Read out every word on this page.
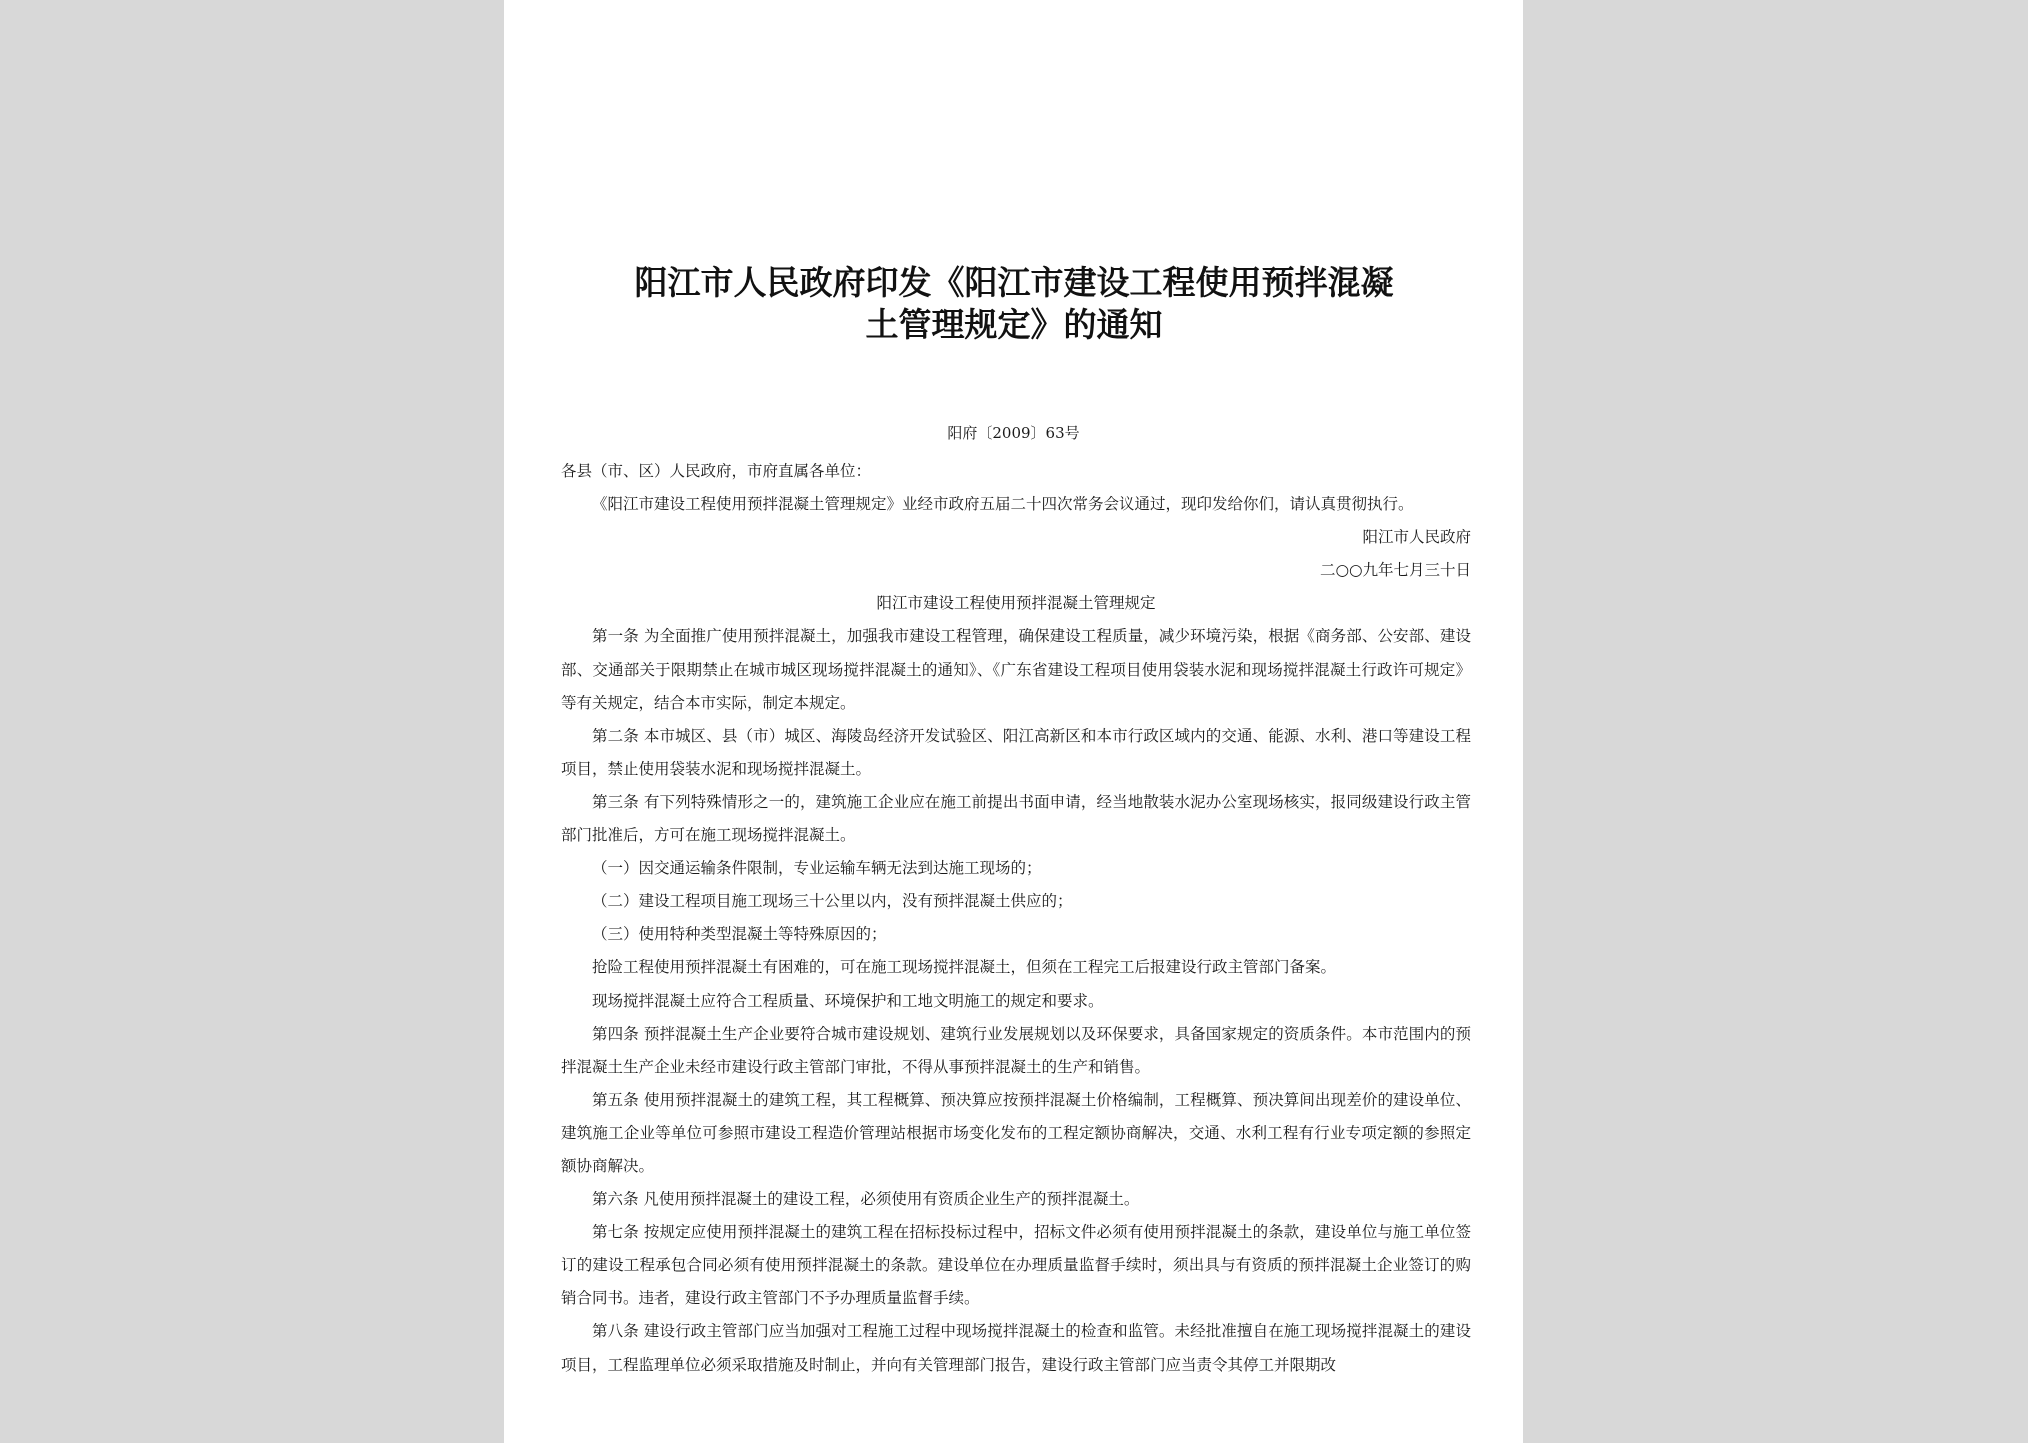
阳江市人民政府印发《阳江市建设工程使用预拌混凝
土管理规定》的通知
阳府〔2009〕63号

各县（市、区）人民政府，市府直属各单位：

《阳江市建设工程使用预拌混凝土管理规定》业经市政府五届二十四次常务会议通过，现印发给你们，请认真贯彻执行。

阳江市人民政府

二○○九年七月三十日

阳江市建设工程使用预拌混凝土管理规定

第一条 为全面推广使用预拌混凝土，加强我市建设工程管理，确保建设工程质量，减少环境污染，根据《商务部、公安部、建设部、交通部关于限期禁止在城市城区现场搅拌混凝土的通知》、《广东省建设工程项目使用袋装水泥和现场搅拌混凝土行政许可规定》等有关规定，结合本市实际，制定本规定。

第二条 本市城区、县（市）城区、海陵岛经济开发试验区、阳江高新区和本市行政区域内的交通、能源、水利、港口等建设工程项目，禁止使用袋装水泥和现场搅拌混凝土。

第三条 有下列特殊情形之一的，建筑施工企业应在施工前提出书面申请，经当地散装水泥办公室现场核实，报同级建设行政主管部门批准后，方可在施工现场搅拌混凝土。

（一）因交通运输条件限制，专业运输车辆无法到达施工现场的；

（二）建设工程项目施工现场三十公里以内，没有预拌混凝土供应的；

（三）使用特种类型混凝土等特殊原因的；

抢险工程使用预拌混凝土有困难的，可在施工现场搅拌混凝土，但须在工程完工后报建设行政主管部门备案。

现场搅拌混凝土应符合工程质量、环境保护和工地文明施工的规定和要求。

第四条 预拌混凝土生产企业要符合城市建设规划、建筑行业发展规划以及环保要求，具备国家规定的资质条件。本市范围内的预拌混凝土生产企业未经市建设行政主管部门审批，不得从事预拌混凝土的生产和销售。

第五条 使用预拌混凝土的建筑工程，其工程概算、预决算应按预拌混凝土价格编制，工程概算、预决算间出现差价的建设单位、建筑施工企业等单位可参照市建设工程造价管理站根据市场变化发布的工程定额协商解决，交通、水利工程有行业专项定额的参照定额协商解决。

第六条 凡使用预拌混凝土的建设工程，必须使用有资质企业生产的预拌混凝土。

第七条 按规定应使用预拌混凝土的建筑工程在招标投标过程中，招标文件必须有使用预拌混凝土的条款，建设单位与施工单位签订的建设工程承包合同必须有使用预拌混凝土的条款。建设单位在办理质量监督手续时，须出具与有资质的预拌混凝土企业签订的购销合同书。违者，建设行政主管部门不予办理质量监督手续。

第八条 建设行政主管部门应当加强对工程施工过程中现场搅拌混凝土的检查和监管。未经批准擅自在施工现场搅拌混凝土的建设项目，工程监理单位必须采取措施及时制止，并向有关管理部门报告，建设行政主管部门应当责令其停工并限期改
